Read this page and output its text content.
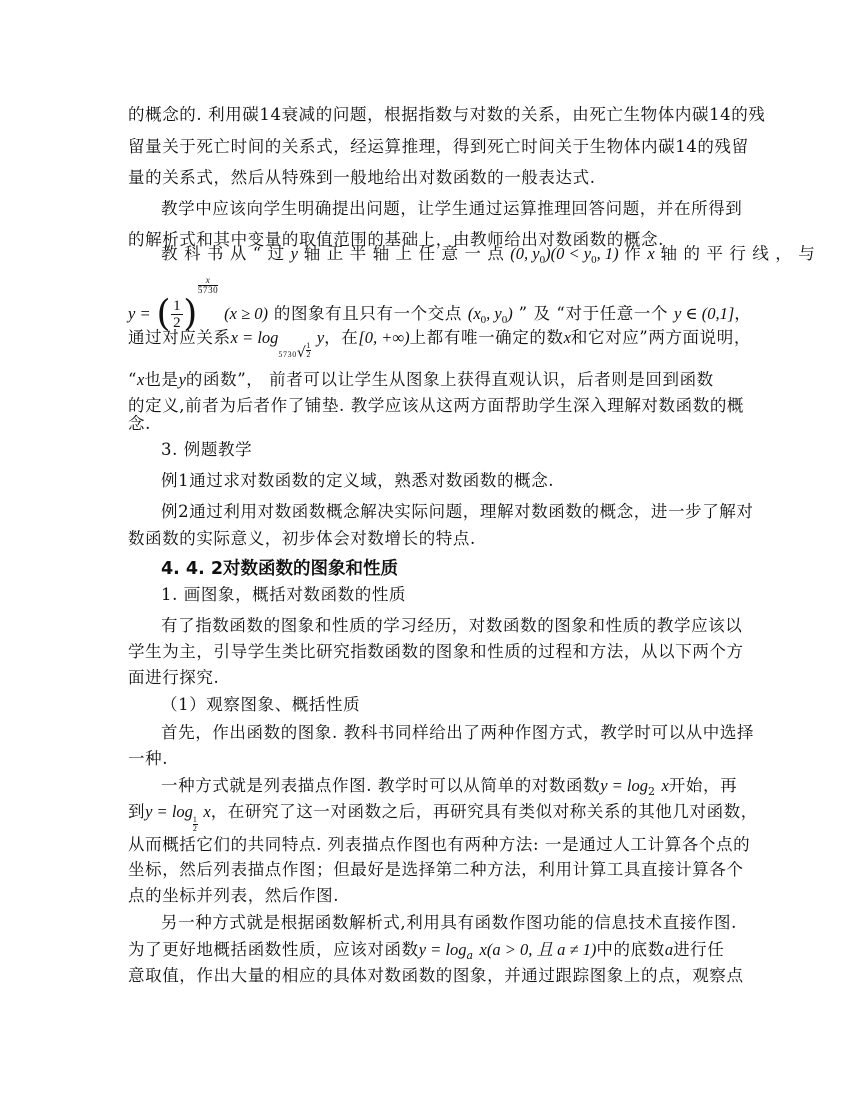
的概念的. 利用碳14衰减的问题，根据指数与对数的关系，由死亡生物体内碳14的残
留量关于死亡时间的关系式，经运算推理，得到死亡时间关于生物体内碳14的残留
量的关系式，然后从特殊到一般地给出对数函数的一般表达式.
教学中应该向学生明确提出问题，让学生通过运算推理回答问题，并在所得到
的解析式和其中变量的取值范围的基础上，由教师给出对数函数的概念.
教 科 书 从 “ 过 y 轴 正 半 轴 上 任 意 一 点 (0, $y_0)(0 < y_0$, 1) 作 x 轴 的 平 行 线 ， 与
y = ( $\frac{1}{2}$ )
$\frac{x}{5730}$
(x ≥ 0) 的图象有且只有一个交点 ($x_0$, $y_0$) ” 及 “对于任意一个 y ∈ (0,1]，
通过对应关系$x = \log 5730√ \frac{1}{2}$
y，在[0, +∞)上都有唯一确定的数x和它对应”两方面说明，
“x也是y的函数”， 前者可以让学生从图象上获得直观认识，后者则是回到函数
的定义,前者为后者作了铺垫. 教学应该从这两方面帮助学生深入理解对数函数的概
念.
3. 例题教学
例1通过求对数函数的定义域，熟悉对数函数的概念.
例2通过利用对数函数概念解决实际问题，理解对数函数的概念，进一步了解对
数函数的实际意义，初步体会对数增长的特点.
4. 4. 2对数函数的图象和性质
1. 画图象，概括对数函数的性质
有了指数函数的图象和性质的学习经历，对数函数的图象和性质的教学应该以
学生为主，引导学生类比研究指数函数的图象和性质的过程和方法，从以下两个方
面进行探究.
（1）观察图象、概括性质
首先，作出函数的图象. 教科书同样给出了两种作图方式，教学时可以从中选择
一种.
一种方式就是列表描点作图. 教学时可以从简单的对数函数$y = \log_2 x$开始，再
到y = log
$\frac{1}{2}$
x，在研究了这一对函数之后，再研究具有类似对称关系的其他几对函数，
从而概括它们的共同特点. 列表描点作图也有两种方法: 一是通过人工计算各个点的
坐标，然后列表描点作图；但最好是选择第二种方法，利用计算工具直接计算各个
点的坐标并列表，然后作图.
另一种方式就是根据函数解析式,利用具有函数作图功能的信息技术直接作图.
为了更好地概括函数性质，应该对函数$y = \log_a x(a > 0$, 且 a ≠ 1)中的底数a进行任
意取值，作出大量的相应的具体对数函数的图象，并通过跟踪图象上的点，观察点
